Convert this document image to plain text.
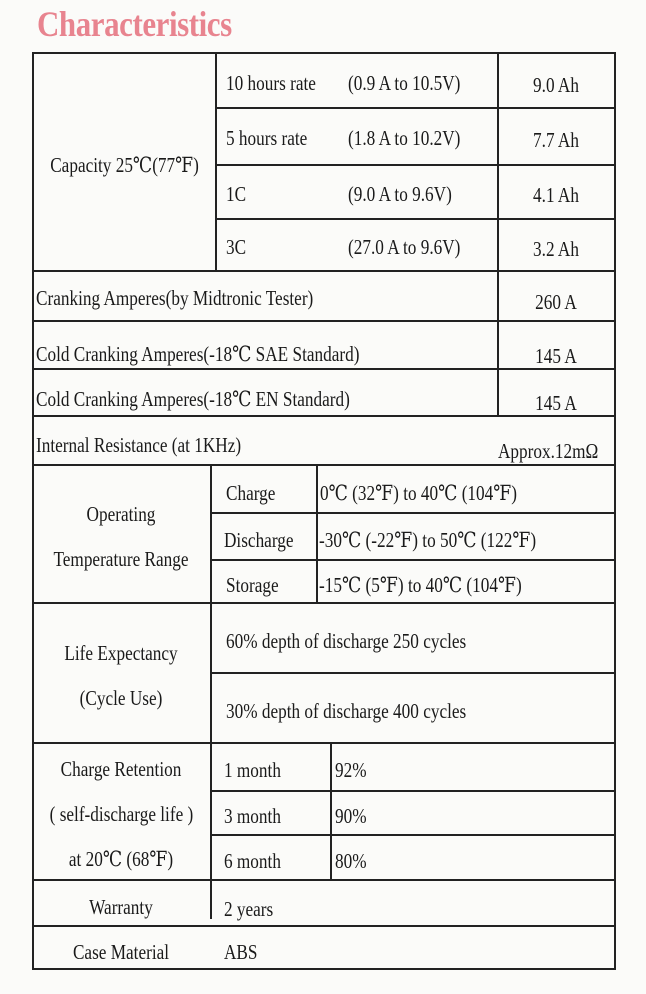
Characteristics
Capacity 25℃(77℉)
10 hours rate (0.9 A to 10.5V)	9.0 Ah
5 hours rate (1.8 A to 10.2V)	7.7 Ah
1C	(9.0 A to 9.6V)	4.1 Ah
3C	(27.0 A to 9.6V)	3.2 Ah
Cranking Amperes(by Midtronic Tester)	260 A
Cold Cranking Amperes(-18℃ SAE Standard)	145 A
Cold Cranking Amperes(-18℃ EN Standard)	145 A
Internal Resistance (at 1KHz)	Approx.12mΩ
Operating
Temperature Range
Charge 0℃ (32℉) to 40℃ (104℉)
Discharge -30℃ (-22℉) to 50℃ (122℉)
Storage -15℃ (5℉) to 40℃ (104℉)
Life Expectancy
(Cycle Use)
60% depth of discharge 250 cycles
30% depth of discharge 400 cycles
Charge Retention
( self-discharge life )
at 20℃ (68℉)
1 month	92%
3 month	90%
6 month	80%
Warranty	2 years
Case Material	ABS
